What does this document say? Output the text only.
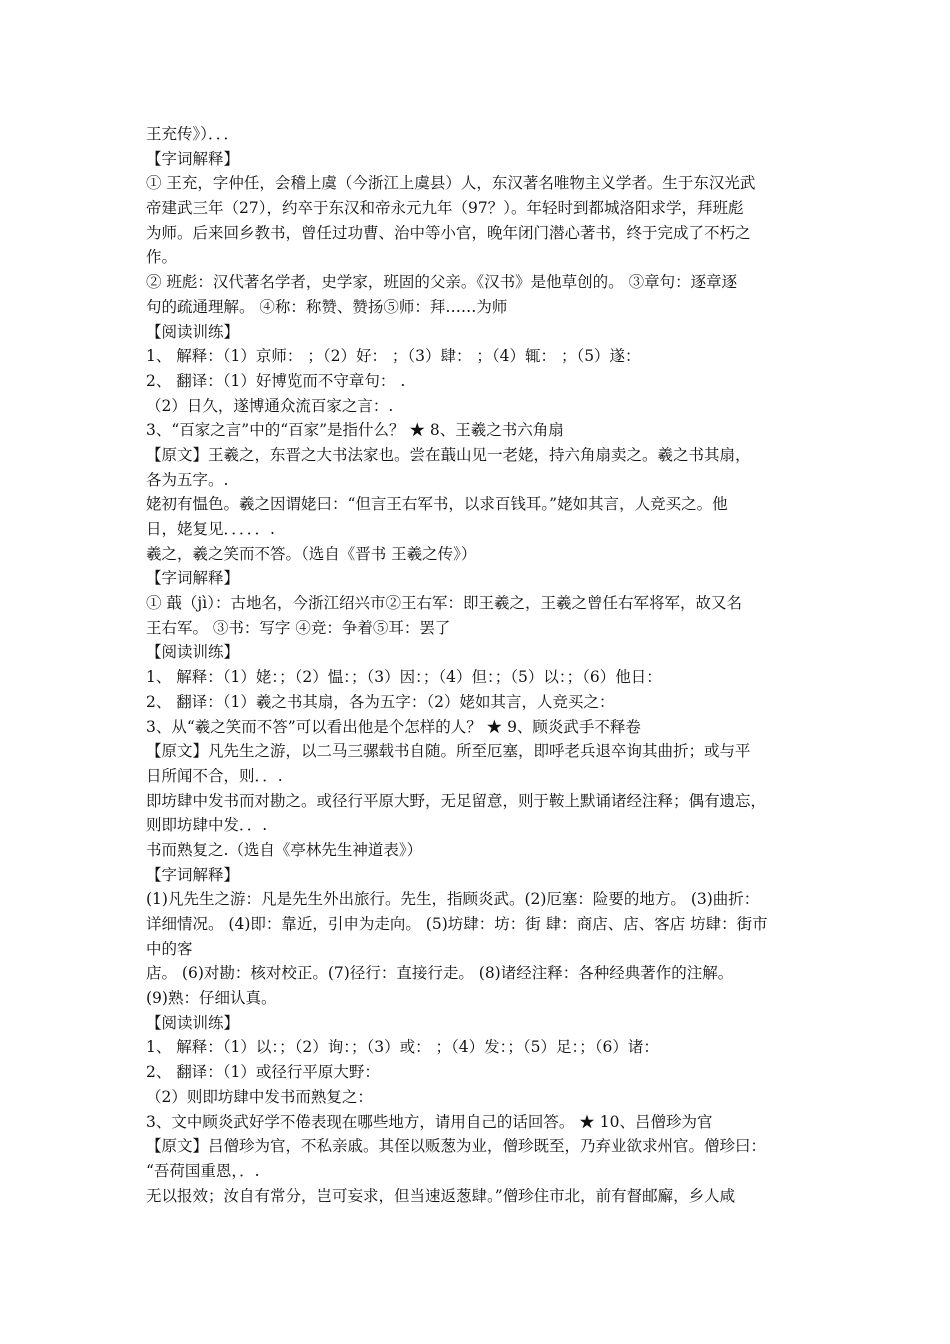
王充传》）．．．
【字词解释】
① 王充，字仲任，会稽上虞（今浙江上虞县）人，东汉著名唯物主义学者。生于东汉光武
帝建武三年（27），约卒于东汉和帝永元九年（97？）。年轻时到都城洛阳求学，拜班彪
为师。后来回乡教书，曾任过功曹、治中等小官，晚年闭门潜心著书，终于完成了不朽之
作。
② 班彪：汉代著名学者，史学家，班固的父亲。《汉书》是他草创的。 ③章句：逐章逐
句的疏通理解。 ④称：称赞、赞扬⑤师：拜……为师
【阅读训练】
1、 解释：（1）京师： ；（2）好： ；（3）肆： ；（4）辄： ；（5）遂：
2、 翻译：（1）好博览而不守章句： .
（2）日久，遂博通众流百家之言：.
3、“百家之言”中的“百家”是指什么？ ★ 8、王羲之书六角扇
【原文】王羲之，东晋之大书法家也。尝在蕺山见一老姥，持六角扇卖之。羲之书其扇，
各为五字。.
姥初有愠色。羲之因谓姥曰：“但言王右军书，以求百钱耳。”姥如其言，人竞买之。他
日，姥复见．．．．．.
羲之，羲之笑而不答。（选自《晋书 王羲之传》）
【字词解释】
① 蕺（jì）：古地名，今浙江绍兴市②王右军：即王羲之，王羲之曾任右军将军，故又名
王右军。 ③书：写字 ④竞：争着⑤耳：罢了
【阅读训练】
1、 解释：（1）姥：；（2）愠：；（3）因：；（4）但：；（5）以：；（6）他日：
2、 翻译：（1）羲之书其扇，各为五字：（2）姥如其言，人竞买之：
3、从“羲之笑而不答”可以看出他是个怎样的人？ ★ 9、顾炎武手不释卷
【原文】凡先生之游，以二马三骡载书自随。所至厄塞，即呼老兵退卒询其曲折；或与平
日所闻不合，则．．.
即坊肆中发书而对勘之。或径行平原大野，无足留意，则于鞍上默诵诸经注释；偶有遗忘，
则即坊肆中发．．.
书而熟复之.（选自《亭林先生神道表》）
【字词解释】
(1)凡先生之游：凡是先生外出旅行。先生，指顾炎武。(2)厄塞：险要的地方。 (3)曲折：
详细情况。 (4)即：靠近，引申为走向。 (5)坊肆：坊：街 肆：商店、店、客店 坊肆：街市
中的客
店。 (6)对勘：核对校正。(7)径行：直接行走。 (8)诸经注释：各种经典著作的注解。
(9)熟：仔细认真。
【阅读训练】
1、 解释：（1）以：；（2）询：；（3）或： ；（4）发：；（5）足：；（6）诸：
2、 翻译：（1）或径行平原大野：
（2）则即坊肆中发书而熟复之：
3、文中顾炎武好学不倦表现在哪些地方，请用自己的话回答。 ★ 10、吕僧珍为官
【原文】吕僧珍为官，不私亲戚。其侄以贩葱为业，僧珍既至，乃弃业欲求州官。僧珍曰：
“吾荷国重恩，．.
无以报效；汝自有常分，岂可妄求，但当速返葱肆。”僧珍住市北，前有督邮廨，乡人咸
